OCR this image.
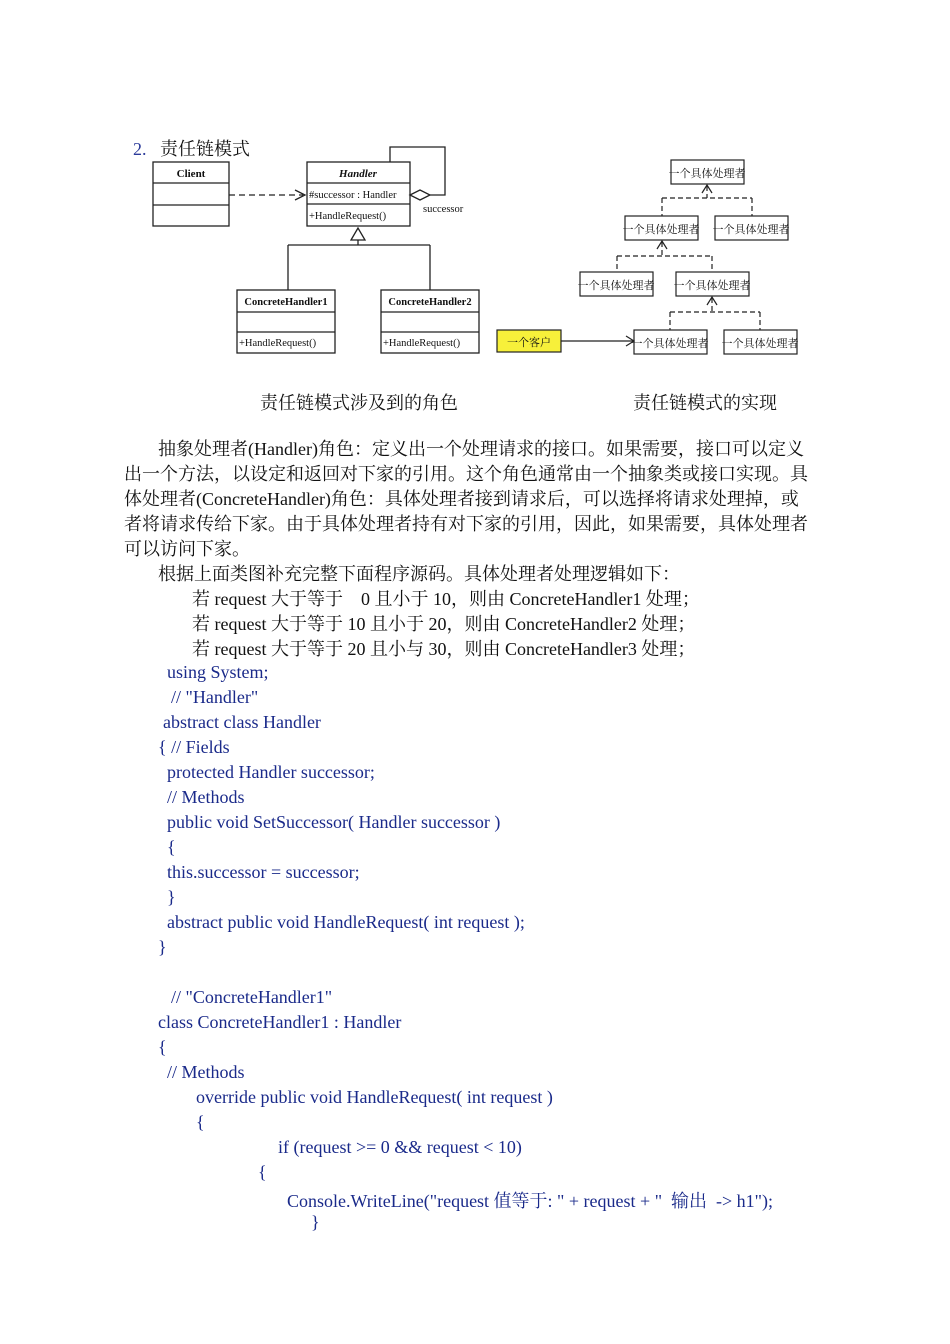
2. 责任链模式

Client	Handler
#successor : Handler
+HandleRequest()
successor
ConcreteHandler1
+HandleRequest()
ConcreteHandler2
+HandleRequest()
一个具体处理者
一个具体处理者 一个具体处理者
一个具体处理者 一个具体处理者
一个具体处理者 一个具体处理者
一个客户
责任链模式涉及到的角色	责任链模式的实现
抽象处理者(Handler)角色：定义出一个处理请求的接口。如果需要，接口可以定义
出一个方法，以设定和返回对下家的引用。这个角色通常由一个抽象类或接口实现。具
体处理者(ConcreteHandler)角色：具体处理者接到请求后，可以选择将请求处理掉，或
者将请求传给下家。由于具体处理者持有对下家的引用，因此，如果需要，具体处理者
可以访问下家。
根据上面类图补充完整下面程序源码。具体处理者处理逻辑如下：
若 request 大于等于　0 且小于 10，则由 ConcreteHandler1 处理；
若 request 大于等于 10 且小于 20，则由 ConcreteHandler2 处理；
若 request 大于等于 20 且小与 30，则由 ConcreteHandler3 处理；
using System;
// "Handler"
abstract class Handler
{ // Fields
protected Handler successor;
// Methods
public void SetSuccessor( Handler successor )
{
this.successor = successor;
}
abstract public void HandleRequest( int request );
}
// "ConcreteHandler1"
class ConcreteHandler1 : Handler
{
// Methods
override public void HandleRequest( int request )
{
if (request >= 0 && request < 10)
{
Console.WriteLine("request 值等于: " + request + "  输出  -> h1");
}
